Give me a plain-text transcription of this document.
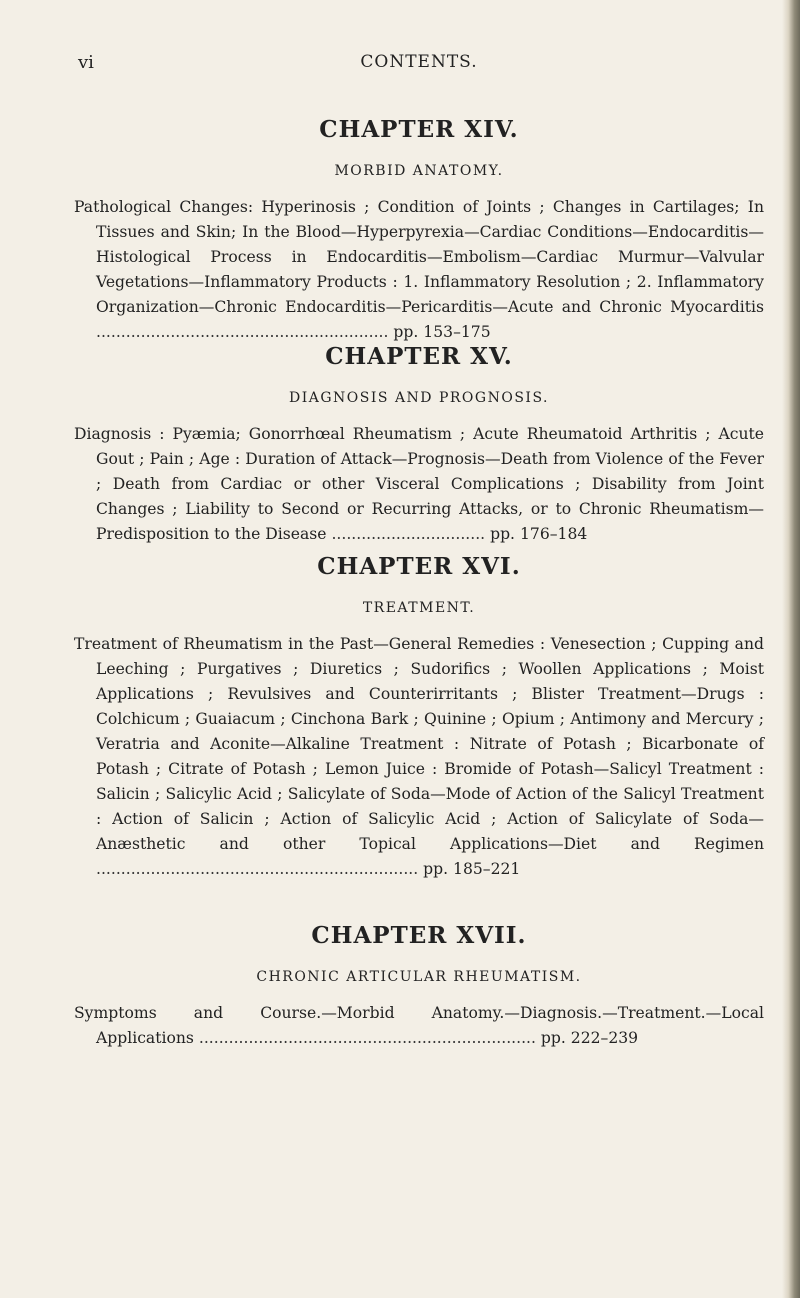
vi	CONTENTS.
CHAPTER XIV.
MORBID ANATOMY.

Pathological Changes: Hyperinosis ; Condition of Joints ; Changes in Cartilages; In Tissues and Skin; In the Blood—Hyperpyrexia—Cardiac Conditions—Endocarditis—Histological Process in Endocarditis—Embolism—Cardiac Murmur—Valvular Vegetations—Inflammatory Products : 1. Inflammatory Resolution ; 2. Inflammatory Organization—Chronic Endocarditis—Pericarditis—Acute and Chronic Myocarditis ........................................................... pp. 153–175

CHAPTER XV.
DIAGNOSIS AND PROGNOSIS.

Diagnosis : Pyæmia; Gonorrhœal Rheumatism ; Acute Rheumatoid Arthritis ; Acute Gout ; Pain ; Age : Duration of Attack—Prognosis—Death from Violence of the Fever ; Death from Cardiac or other Visceral Complications ; Disability from Joint Changes ; Liability to Second or Recurring Attacks, or to Chronic Rheumatism—Predisposition to the Disease ............................... pp. 176–184

CHAPTER XVI.
TREATMENT.

Treatment of Rheumatism in the Past—General Remedies : Venesection ; Cupping and Leeching ; Purgatives ; Diuretics ; Sudorifics ; Woollen Applications ; Moist Applications ; Revulsives and Counterirritants ; Blister Treatment—Drugs : Colchicum ; Guaiacum ; Cinchona Bark ; Quinine ; Opium ; Antimony and Mercury ; Veratria and Aconite—Alkaline Treatment : Nitrate of Potash ; Bicarbonate of Potash ; Citrate of Potash ; Lemon Juice : Bromide of Potash—Salicyl Treatment : Salicin ; Salicylic Acid ; Salicylate of Soda—Mode of Action of the Salicyl Treatment : Action of Salicin ; Action of Salicylic Acid ; Action of Salicylate of Soda—Anæsthetic and other Topical Applications—Diet and Regimen ................................................................. pp. 185–221

CHAPTER XVII.
CHRONIC ARTICULAR RHEUMATISM.

Symptoms and Course.—Morbid Anatomy.—Diagnosis.—Treatment.—Local Applications .................................................................... pp. 222–239
